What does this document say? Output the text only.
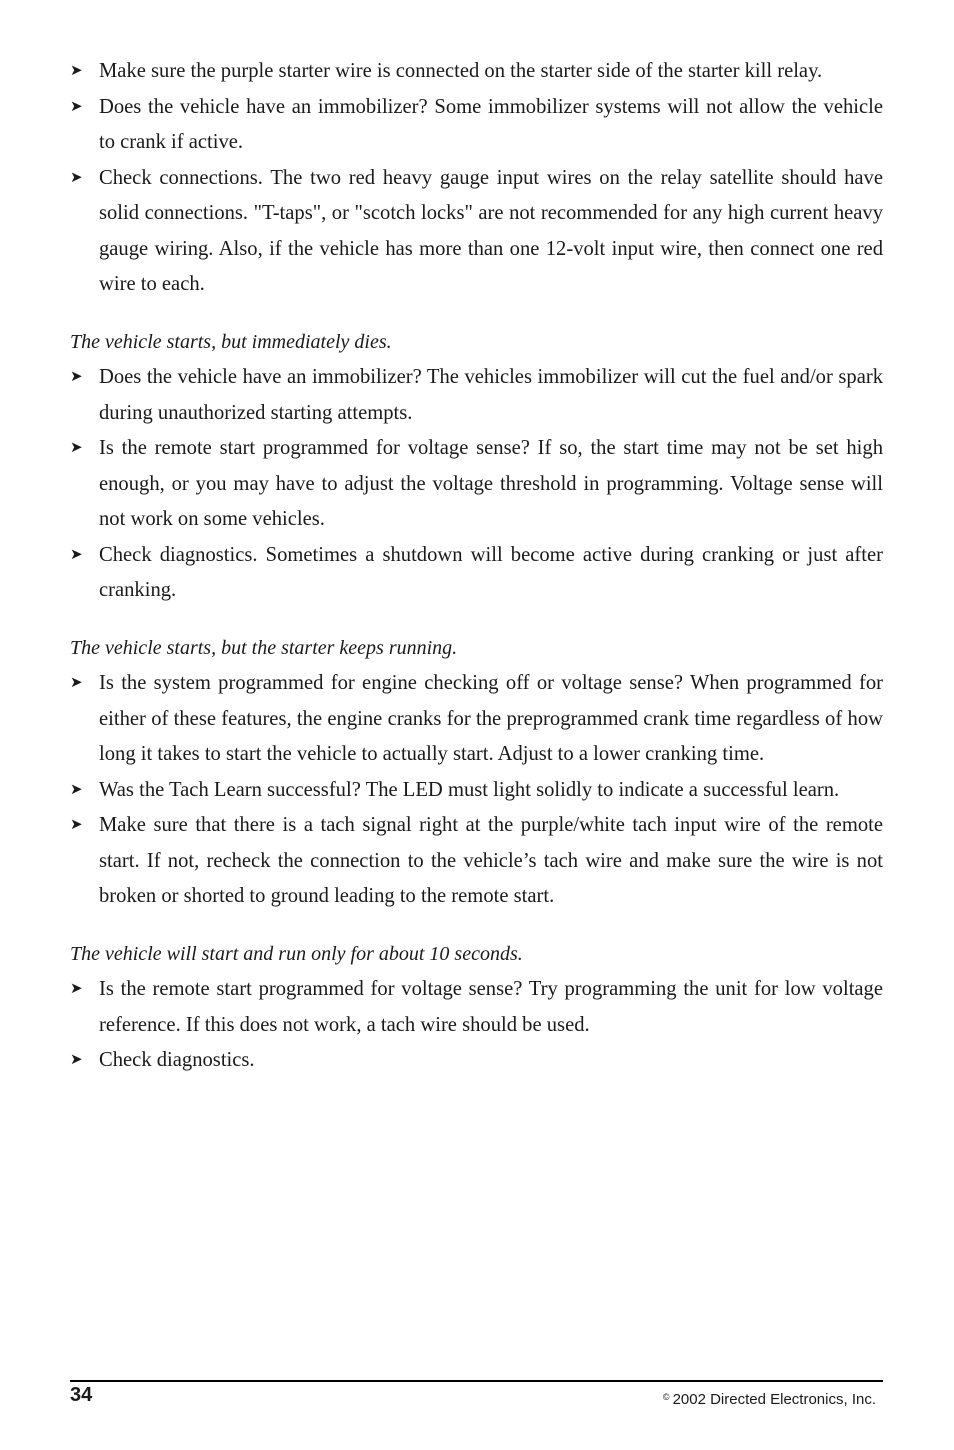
➤ Make sure the purple starter wire is connected on the starter side of the starter kill relay.
➤ Does the vehicle have an immobilizer? Some immobilizer systems will not allow the vehicle to crank if active.
➤ Check connections. The two red heavy gauge input wires on the relay satellite should have solid connections. "T-taps", or "scotch locks" are not recommended for any high current heavy gauge wiring. Also, if the vehicle has more than one 12-volt input wire, then connect one red wire to each.

The vehicle starts, but immediately dies.

➤ Does the vehicle have an immobilizer? The vehicles immobilizer will cut the fuel and/or spark during unauthorized starting attempts.
➤ Is the remote start programmed for voltage sense? If so, the start time may not be set high enough, or you may have to adjust the voltage threshold in programming. Voltage sense will not work on some vehicles.
➤ Check diagnostics. Sometimes a shutdown will become active during cranking or just after cranking.

The vehicle starts, but the starter keeps running.

➤ Is the system programmed for engine checking off or voltage sense? When programmed for either of these features, the engine cranks for the preprogrammed crank time regardless of how long it takes to start the vehicle to actually start. Adjust to a lower cranking time.
➤ Was the Tach Learn successful? The LED must light solidly to indicate a successful learn.
➤ Make sure that there is a tach signal right at the purple/white tach input wire of the remote start. If not, recheck the connection to the vehicle’s tach wire and make sure the wire is not broken or shorted to ground leading to the remote start.

The vehicle will start and run only for about 10 seconds.

➤ Is the remote start programmed for voltage sense? Try programming the unit for low voltage reference. If this does not work, a tach wire should be used.
➤ Check diagnostics.
34	© 2002 Directed Electronics, Inc.
